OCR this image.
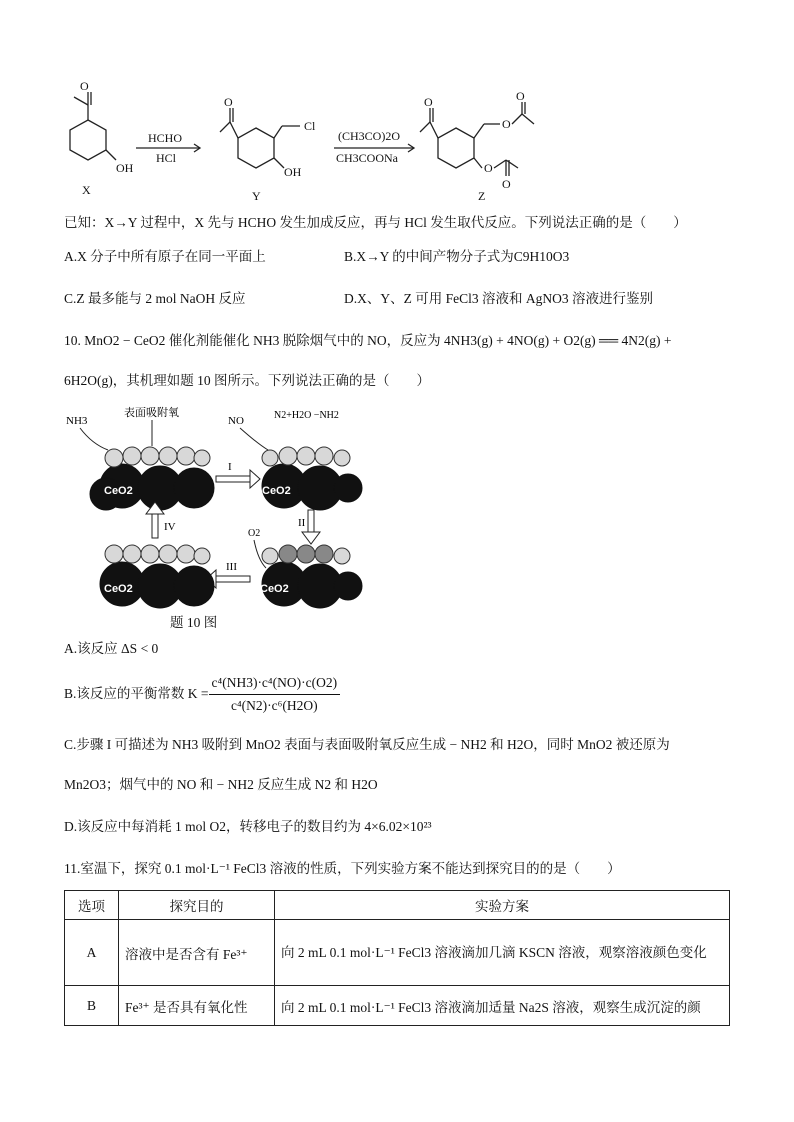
O
OH
X
HCHO
HCl
O
Cl
OH
Y
(CH3CO)2O
CH3COONa
O
O
O
O
O
Z
已知：X→Y 过程中，X 先与 HCHO 发生加成反应，再与 HCl 发生取代反应。下列说法正确的是（　　）
A.X 分子中所有原子在同一平面上	B.X→Y 的中间产物分子式为C9H10O3
C.Z 最多能与 2 mol NaOH 反应	D.X、Y、Z 可用 FeCl3 溶液和 AgNO3 溶液进行鉴别
10. MnO2 − CeO2 催化剂能催化 NH3 脱除烟气中的 NO，反应为 4NH3(g) + 4NO(g) + O2(g) ══ 4N2(g) +
6H2O(g)，其机理如题 10 图所示。下列说法正确的是（　　）
CeO2
NH3
表面吸附氧
I
CeO2
NO	N2+H2O −NH2
II
CeO2
O2
III
CeO2
IV
题 10 图
A.该反应 ΔS < 0
B.该反应的平衡常数 $K = \frac{\text{c⁴(NH3)·c⁴(NO)·c(O2)}}{\text{c⁴(N2)·c⁶(H2O)}}$
C.步骤 I 可描述为 NH3 吸附到 MnO2 表面与表面吸附氧反应生成 − NH2 和 H2O，同时 MnO2 被还原为
Mn2O3；烟气中的 NO 和 − NH2 反应生成 N2 和 H2O
D.该反应中每消耗 1 mol O2，转移电子的数目约为 4×6.02×10²³
11.室温下，探究 0.1 mol·L⁻¹ FeCl3 溶液的性质，下列实验方案不能达到探究目的的是（　　）
选项	探究目的	实验方案
A	溶液中是否含有 Fe³⁺	向 2 mL 0.1 mol·L⁻¹ FeCl3 溶液滴加几滴 KSCN 溶液，观察溶液颜色变化
B	Fe³⁺ 是否具有氧化性	向 2 mL 0.1 mol·L⁻¹ FeCl3 溶液滴加适量 Na2S 溶液，观察生成沉淀的颜
